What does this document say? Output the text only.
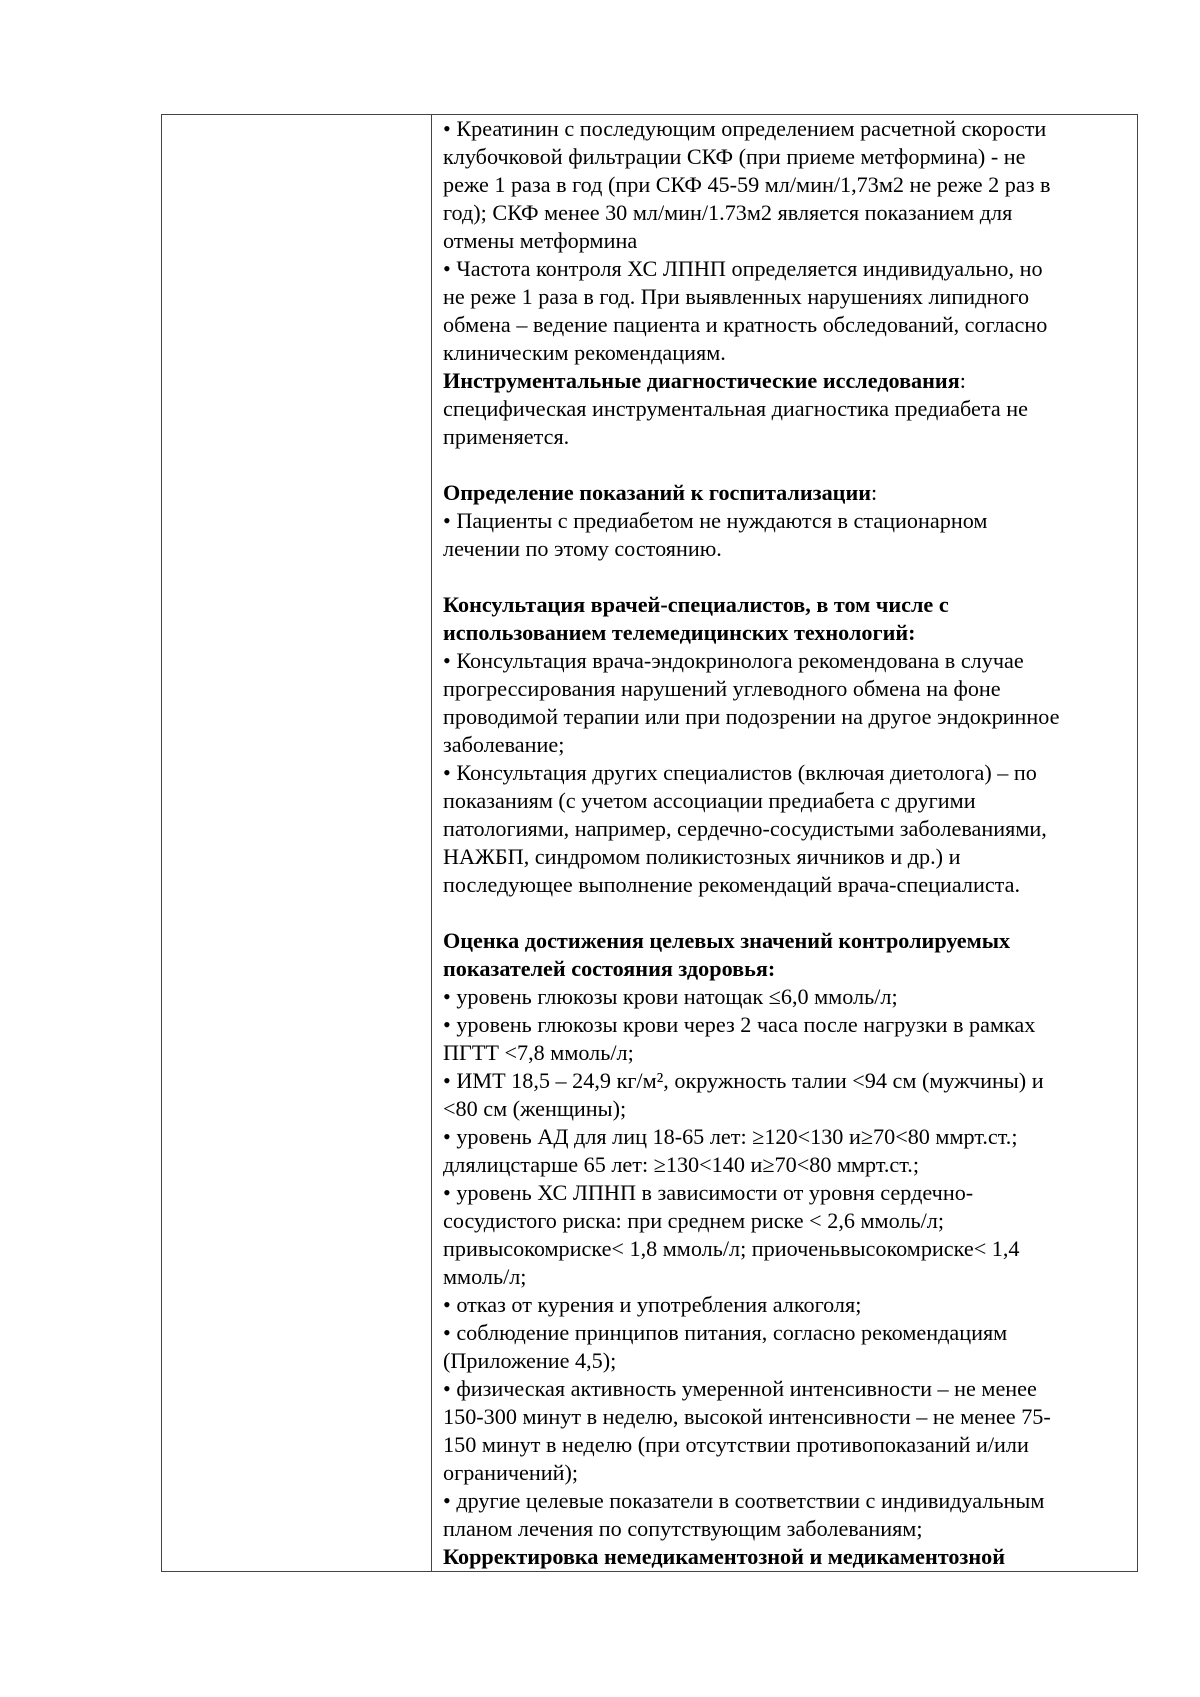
• Креатинин с последующим определением расчетной скорости
клубочковой фильтрации СКФ (при приеме метформина) - не
реже 1 раза в год (при СКФ 45-59 мл/мин/1,73м2 не реже 2 раз в
год); СКФ менее 30 мл/мин/1.73м2 является показанием для
отмены метформина
• Частота контроля ХС ЛПНП определяется индивидуально, но
не реже 1 раза в год. При выявленных нарушениях липидного
обмена – ведение пациента и кратность обследований, согласно
клиническим рекомендациям.
Инструментальные диагностические исследования:
специфическая инструментальная диагностика предиабета не
применяется.
Определение показаний к госпитализации:
• Пациенты с предиабетом не нуждаются в стационарном
лечении по этому состоянию.
Консультация врачей-специалистов, в том числе с
использованием телемедицинских технологий:
• Консультация врача-эндокринолога рекомендована в случае
прогрессирования нарушений углеводного обмена на фоне
проводимой терапии или при подозрении на другое эндокринное
заболевание;
• Консультация других специалистов (включая диетолога) – по
показаниям (с учетом ассоциации предиабета с другими
патологиями, например, сердечно-сосудистыми заболеваниями,
НАЖБП, синдромом поликистозных яичников и др.) и
последующее выполнение рекомендаций врача-специалиста.
Оценка достижения целевых значений контролируемых
показателей состояния здоровья:
• уровень глюкозы крови натощак ≤6,0 ммоль/л;
• уровень глюкозы крови через 2 часа после нагрузки в рамках
ПГТТ <7,8 ммоль/л;
• ИМТ 18,5 – 24,9 кг/м², окружность талии <94 см (мужчины) и
<80 см (женщины);
• уровень АД для лиц 18-65 лет: ≥120<130 и≥70<80 ммрт.ст.;
длялицстарше 65 лет: ≥130<140 и≥70<80 ммрт.ст.;
• уровень ХС ЛПНП в зависимости от уровня сердечно-
сосудистого риска: при среднем риске < 2,6 ммоль/л;
привысокомриске< 1,8 ммоль/л; приоченьвысокомриске< 1,4
ммоль/л;
• отказ от курения и употребления алкоголя;
• соблюдение принципов питания, согласно рекомендациям
(Приложение 4,5);
• физическая активность умеренной интенсивности – не менее
150-300 минут в неделю, высокой интенсивности – не менее 75-
150 минут в неделю (при отсутствии противопоказаний и/или
ограничений);
• другие целевые показатели в соответствии с индивидуальным
планом лечения по сопутствующим заболеваниям;
Корректировка немедикаментозной и медикаментозной
